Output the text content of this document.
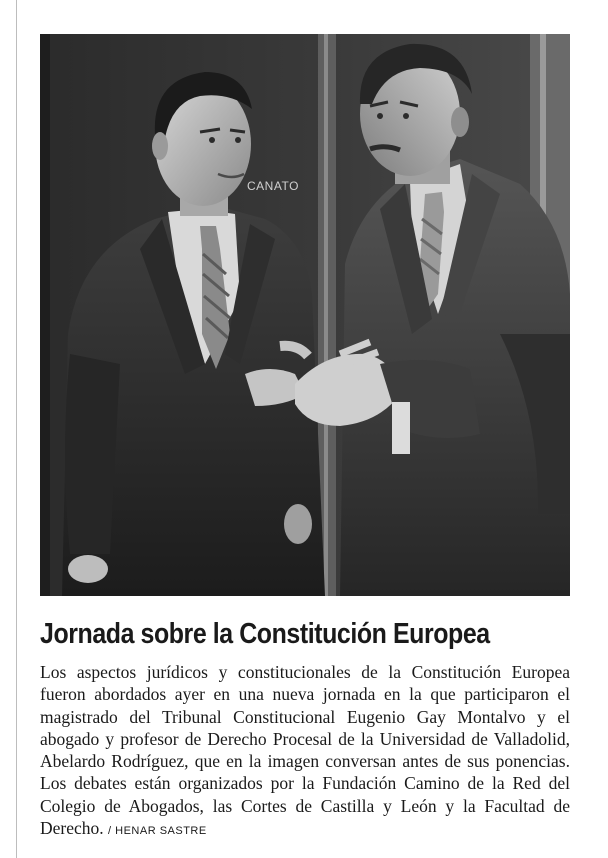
CANATO
Jornada sobre la Constitución Europea

Los aspectos jurídicos y constitucionales de la Constitución Europea fueron abordados ayer en una nueva jornada en la que participaron el magistrado del Tribunal Constitucional Eugenio Gay Montalvo y el abogado y profesor de Derecho Procesal de la Universidad de Valladolid, Abelardo Rodríguez, que en la imagen conversan antes de sus ponencias. Los debates están organizados por la Fundación Camino de la Red del Colegio de Abogados, las Cortes de Castilla y León y la Facultad de Derecho. / HENAR SASTRE
